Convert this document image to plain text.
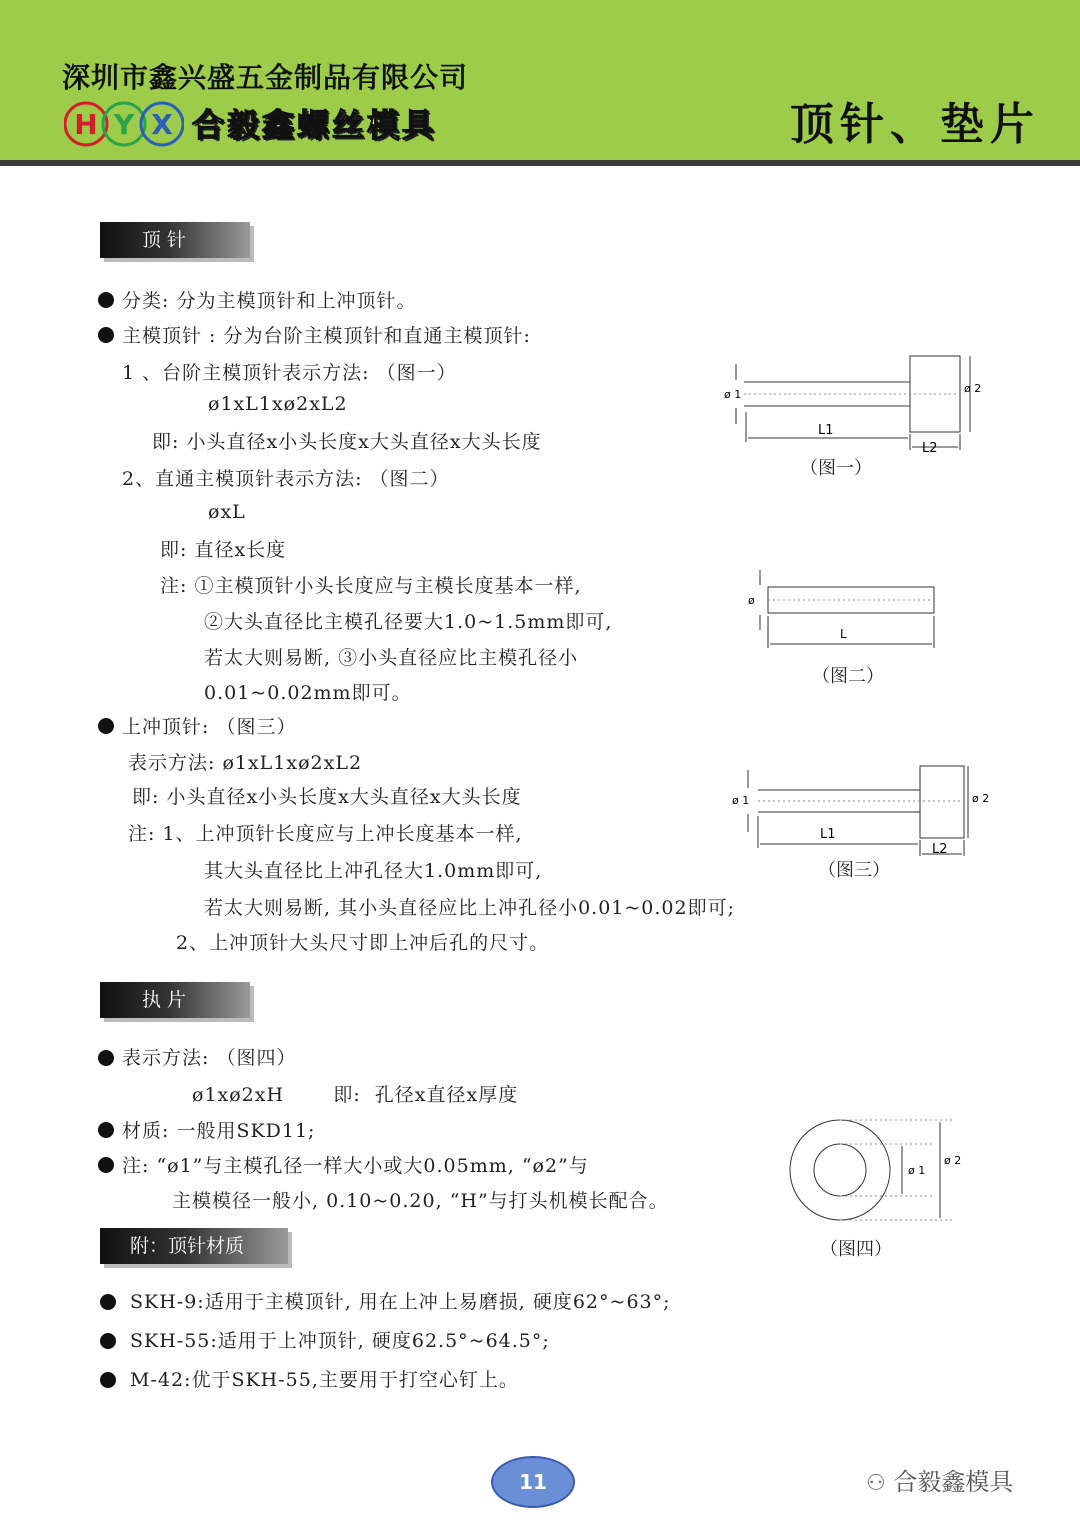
深圳市鑫兴盛五金制品有限公司
H Y X 合毅鑫螺丝模具	顶针、垫片
顶 针
分类: 分为主模顶针和上冲顶针。
主模顶针 : 分为台阶主模顶针和直通主模顶针:
1 、台阶主模顶针表示方法: （图一）
ø1xL1xø2xL2
即: 小头直径x小头长度x大头直径x大头长度
2、直通主模顶针表示方法: （图二）
øxL
即: 直径x长度
注: ①主模顶针小头长度应与主模长度基本一样,
②大头直径比主模孔径要大1.0~1.5mm即可,
若太大则易断, ③小头直径应比主模孔径小
0.01~0.02mm即可。
上冲顶针: （图三）
表示方法: ø1xL1xø2xL2
即: 小头直径x小头长度x大头直径x大头长度
注: 1、上冲顶针长度应与上冲长度基本一样,
其大头直径比上冲孔径大1.0mm即可,
若太大则易断, 其小头直径应比上冲孔径小0.01~0.02即可;
2、上冲顶针大头尺寸即上冲后孔的尺寸。
ø 1	ø 2
L1
L2
（图一）
ø
L
（图二）
ø 1	ø 2
L1
L2
（图三）
执 片
表示方法: （图四）
ø1xø2xH       即:  孔径x直径x厚度
材质: 一般用SKD11;
注: “ø1”与主模孔径一样大小或大0.05mm, “ø2”与
主模模径一般小, 0.10~0.20, “H”与打头机模长配合。
ø 1
ø 2
（图四）
附：顶针材质
SKH-9:适用于主模顶针, 用在上冲上易磨损, 硬度62°~63°;
SKH-55:适用于上冲顶针, 硬度62.5°~64.5°;
M-42:优于SKH-55,主要用于打空心钉上。
11	⚇ 合毅鑫模具
